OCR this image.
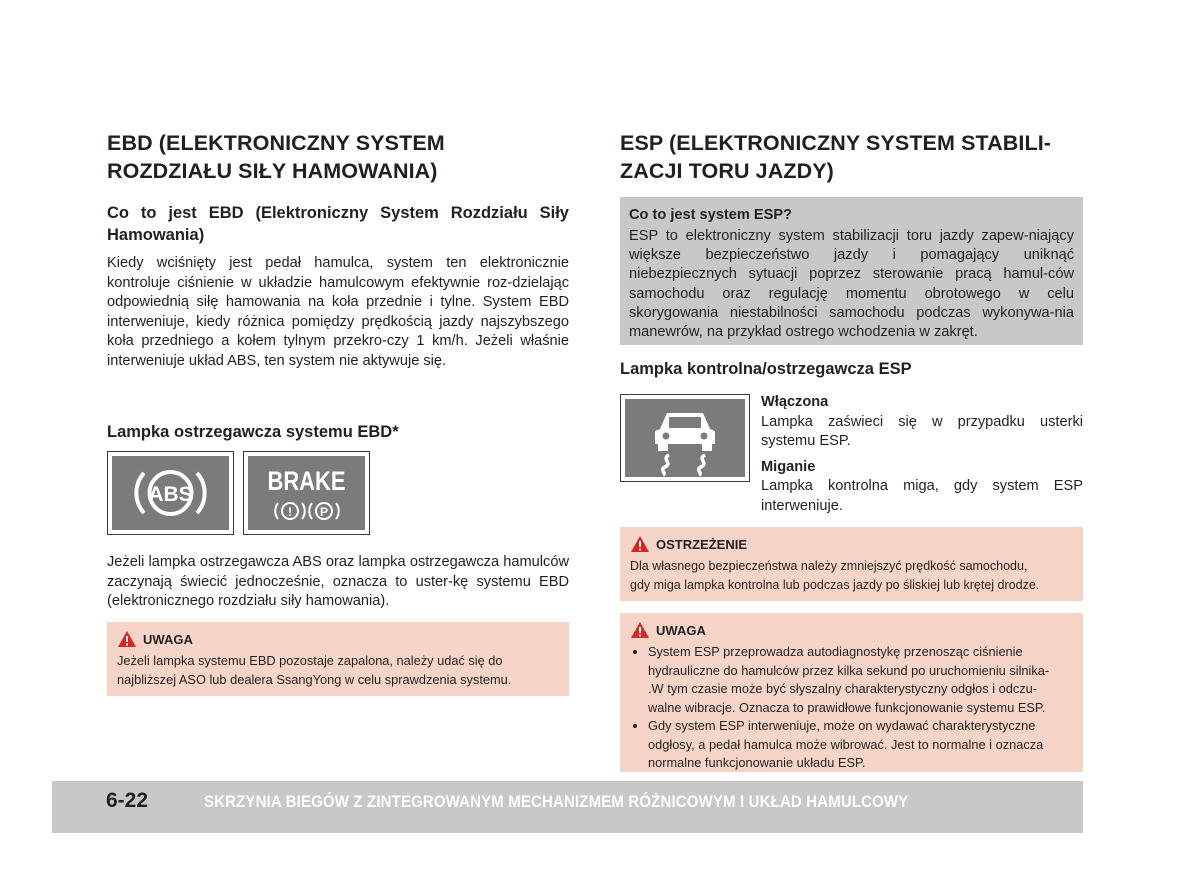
EBD (ELEKTRONICZNY SYSTEM
ROZDZIAŁU SIŁY HAMOWANIA)
Co to jest EBD (Elektroniczny System Rozdziału Siły Hamowania)

Kiedy wciśnięty jest pedał hamulca, system ten elektronicznie kontroluje ciśnienie w układzie hamulcowym efektywnie roz-dzielając odpowiednią siłę hamowania na koła przednie i tylne. System EBD interweniuje, kiedy różnica pomiędzy prędkością jazdy najszybszego koła przedniego a kołem tylnym przekro-czy 1 km/h. Jeżeli właśnie interweniuje układ ABS, ten system nie aktywuje się.

Lampka ostrzegawcza systemu EBD*
ABS	BRAKE
! P

Jeżeli lampka ostrzegawcza ABS oraz lampka ostrzegawcza hamulców zaczynają świecić jednocześnie, oznacza to uster-kę systemu EBD (elektronicznego rozdziału siły hamowania).

UWAGA
Jeżeli lampka systemu EBD pozostaje zapalona, należy udać się do
najbliższej ASO lub dealera SsangYong w celu sprawdzenia systemu.
ESP (ELEKTRONICZNY SYSTEM STABILI-
ZACJI TORU JAZDY)
Co to jest system ESP?
ESP to elektroniczny system stabilizacji toru jazdy zapew-niający większe bezpieczeństwo jazdy i pomagający uniknąć niebezpiecznych sytuacji poprzez sterowanie pracą hamul-ców samochodu oraz regulację momentu obrotowego w celu skorygowania niestabilności samochodu podczas wykonywa-nia manewrów, na przykład ostrego wchodzenia w zakręt.
Lampka kontrolna/ostrzegawcza ESP
Włączona
Lampka zaświeci się w przypadku usterki systemu ESP.
Miganie
Lampka kontrolna miga, gdy system ESP interweniuje.
OSTRZEŻENIE
Dla własnego bezpieczeństwa należy zmniejszyć prędkość samochodu,
gdy miga lampka kontrolna lub podczas jazdy po śliskiej lub krętej drodze.
UWAGA
• System ESP przeprowadza autodiagnostykę przenosząc ciśnienie
hydrauliczne do hamulców przez kilka sekund po uruchomieniu silnika-
.W tym czasie może być słyszalny charakterystyczny odgłos i odczu-
walne wibracje. Oznacza to prawidłowe funkcjonowanie systemu ESP.
• Gdy system ESP interweniuje, może on wydawać charakterystyczne
odgłosy, a pedał hamulca może wibrować. Jest to normalne i oznacza
normalne funkcjonowanie układu ESP.
6-22	SKRZYNIA BIEGÓW Z ZINTEGROWANYM MECHANIZMEM RÓŻNICOWYM I UKŁAD HAMULCOWY
